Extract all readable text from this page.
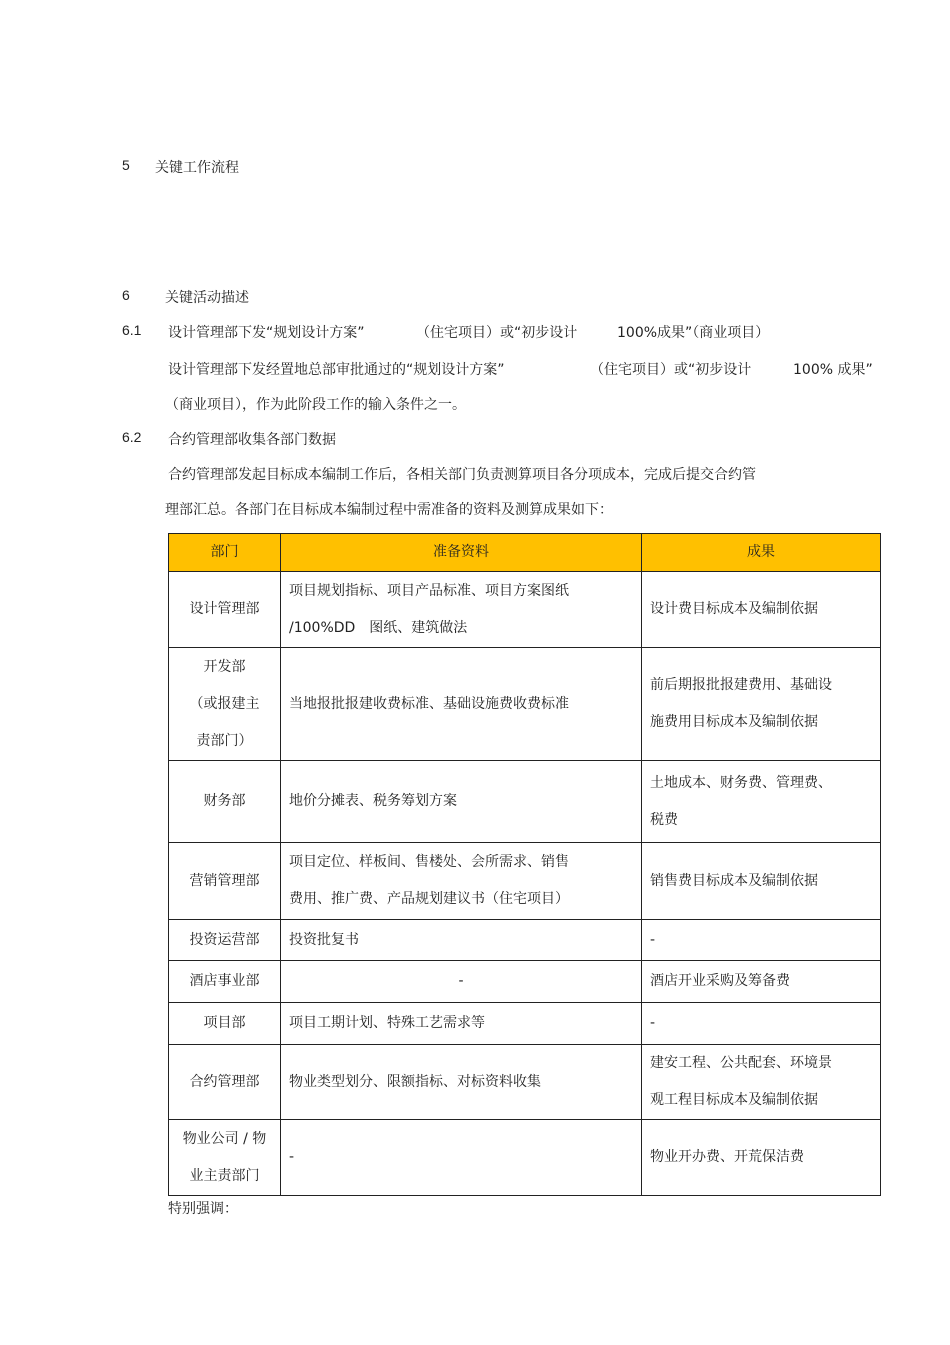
5 关键工作流程
6	关键活动描述
6.1 设计管理部下发“规划设计方案”	（住宅项目）或“初步设计	100%成果”（商业项目）
设计管理部下发经置地总部审批通过的“规划设计方案”	（住宅项目）或“初步设计	100% 成果”
（商业项目），作为此阶段工作的输入条件之一。
6.2 合约管理部收集各部门数据
合约管理部发起目标成本编制工作后，各相关部门负责测算项目各分项成本，完成后提交合约管
理部汇总。各部门在目标成本编制过程中需准备的资料及测算成果如下：
部门	准备资料	成果

设计管理部	项目规划指标、项目产品标准、项目方案图纸
/100%DD　图纸、建筑做法	设计费目标成本及编制依据

开发部
（或报建主
责部门）	当地报批报建收费标准、基础设施费收费标准	前后期报批报建费用、基础设
施费用目标成本及编制依据

财务部	地价分摊表、税务筹划方案	土地成本、财务费、管理费、
税费

营销管理部	项目定位、样板间、售楼处、会所需求、销售
费用、推广费、产品规划建议书（住宅项目）	销售费目标成本及编制依据

投资运营部	投资批复书	-

酒店事业部	-	酒店开业采购及筹备费

项目部	项目工期计划、特殊工艺需求等	-

合约管理部	物业类型划分、限额指标、对标资料收集	建安工程、公共配套、环境景
观工程目标成本及编制依据

物业公司 / 物
业主责部门	-	物业开办费、开荒保洁费
特别强调：
